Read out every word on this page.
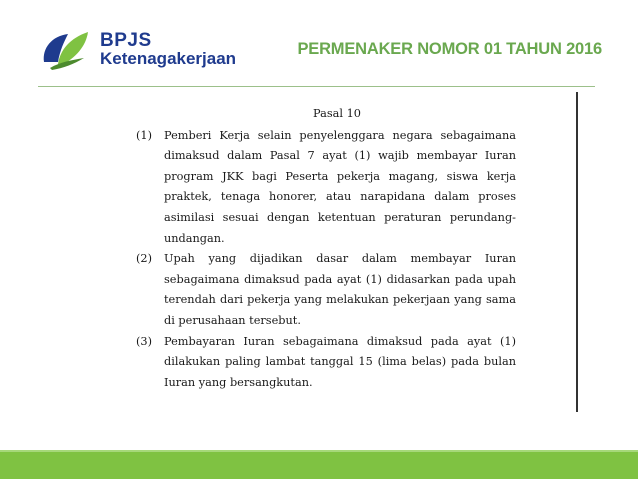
BPJS
Ketenagakerjaan	PERMENAKER NOMOR 01 TAHUN 2016
Pasal 10
(1)	Pemberi Kerja selain penyelenggara negara sebagaimana dimaksud dalam Pasal 7 ayat (1) wajib membayar Iuran program JKK bagi Peserta pekerja magang, siswa kerja praktek, tenaga honorer, atau narapidana dalam proses asimilasi sesuai dengan ketentuan peraturan perundang-undangan.
(2)	Upah yang dijadikan dasar dalam membayar Iuran sebagaimana dimaksud pada ayat (1) didasarkan pada upah terendah dari pekerja yang melakukan pekerjaan yang sama di perusahaan tersebut.
(3)	Pembayaran Iuran sebagaimana dimaksud pada ayat (1) dilakukan paling lambat tanggal 15 (lima belas) pada bulan Iuran yang bersangkutan.
